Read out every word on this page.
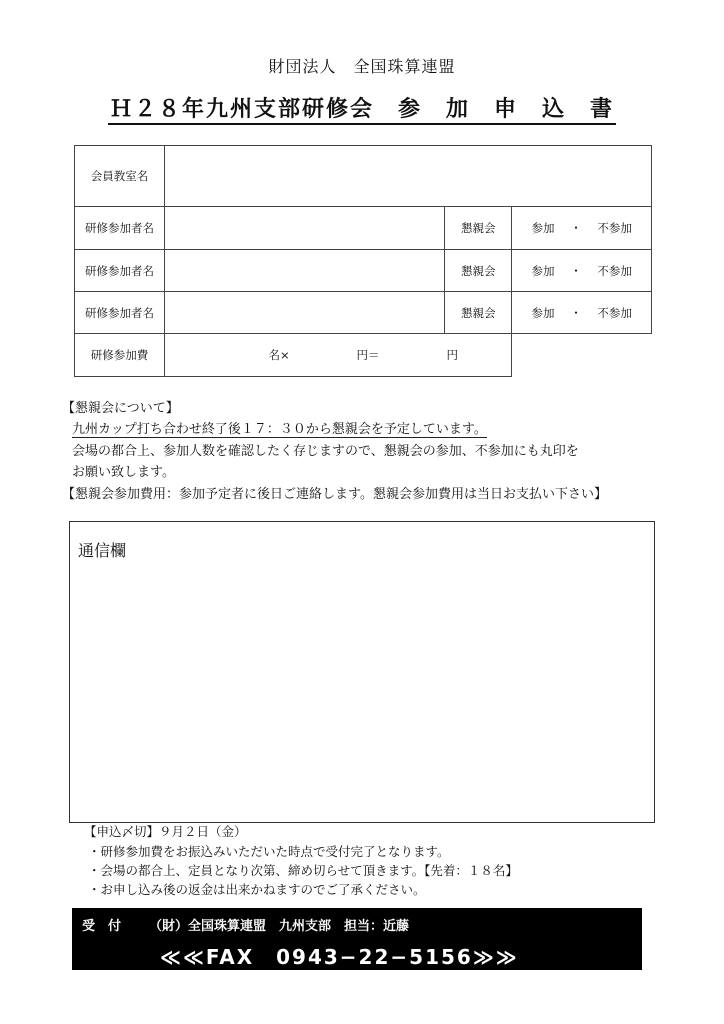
財団法人　全国珠算連盟
Ｈ２８年九州支部研修会　参　加　申　込　書
会員教室名			
研修参加者名		懇親会	参加 ・ 不参加
研修参加者名		懇親会	参加 ・ 不参加
研修参加者名		懇親会	参加 ・ 不参加
研修参加費	名× 円＝ 円		

【懇親会について】
九州カップ打ち合わせ終了後１７：３０から懇親会を予定しています。
会場の都合上、参加人数を確認したく存じますので、懇親会の参加、不参加にも丸印を
お願い致します。
【懇親会参加費用：参加予定者に後日ご連絡します。懇親会参加費用は当日お支払い下さい】
通信欄
【申込〆切】９月２日（金）
・研修参加費をお振込みいただいた時点で受付完了となります。
・会場の都合上、定員となり次第、締め切らせて頂きます。【先着：１８名】
・お申し込み後の返金は出来かねますのでご了承ください。
受　付 （財）全国珠算連盟　九州支部　担当：近藤
≪≪FAX　0943−22−5156≫≫
